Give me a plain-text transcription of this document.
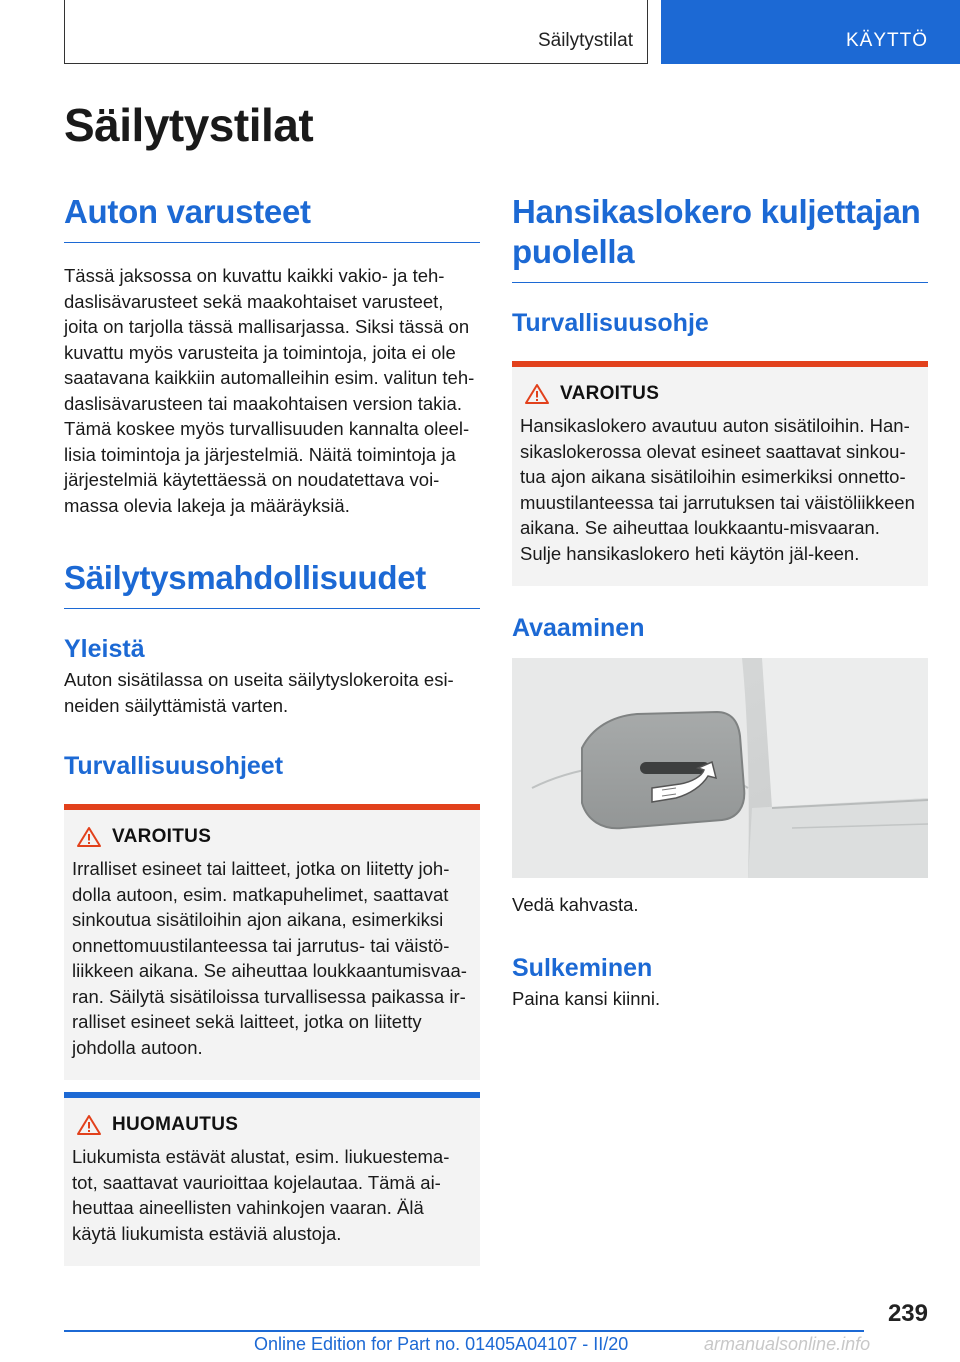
Säilytystilat	KÄYTTÖ
Säilytystilat
Auton varusteet

Tässä jaksossa on kuvattu kaikki vakio- ja teh-daslisävarusteet sekä maakohtaiset varusteet, joita on tarjolla tässä mallisarjassa. Siksi tässä on kuvattu myös varusteita ja toimintoja, joita ei ole saatavana kaikkiin automalleihin esim. valitun teh-daslisävarusteen tai maakohtaisen version takia. Tämä koskee myös turvallisuuden kannalta oleel-lisia toimintoja ja järjestelmiä. Näitä toimintoja ja järjestelmiä käytettäessä on noudatettava voi-massa olevia lakeja ja määräyksiä.

Säilytysmahdollisuudet
Yleistä

Auton sisätilassa on useita säilytyslokeroita esi-neiden säilyttämistä varten.

Turvallisuusohjeet
VAROITUS

Irralliset esineet tai laitteet, jotka on liitetty joh-dolla autoon, esim. matkapuhelimet, saattavat sinkoutua sisätiloihin ajon aikana, esimerkiksi onnettomuustilanteessa tai jarrutus- tai väistö-liikkeen aikana. Se aiheuttaa loukkaantumisvaa-ran. Säilytä sisätiloissa turvallisessa paikassa ir-ralliset esineet sekä laitteet, jotka on liitetty johdolla autoon.

HUOMAUTUS

Liukumista estävät alustat, esim. liukuestema-tot, saattavat vaurioittaa kojelautaa. Tämä ai-heuttaa aineellisten vahinkojen vaaran. Älä käytä liukumista estäviä alustoja.

Hansikaslokero kuljettajan puolella
Turvallisuusohje
VAROITUS

Hansikaslokero avautuu auton sisätiloihin. Han-sikaslokerossa olevat esineet saattavat sinkou-tua ajon aikana sisätiloihin esimerkiksi onnetto-muustilanteessa tai jarrutuksen tai väistöliikkeen aikana. Se aiheuttaa loukkaantu-misvaaran. Sulje hansikaslokero heti käytön jäl-keen.

Avaaminen

Vedä kahvasta.

Sulkeminen

Paina kansi kiinni.

239
Online Edition for Part no. 01405A04107 - II/20	armanualsonline.info
